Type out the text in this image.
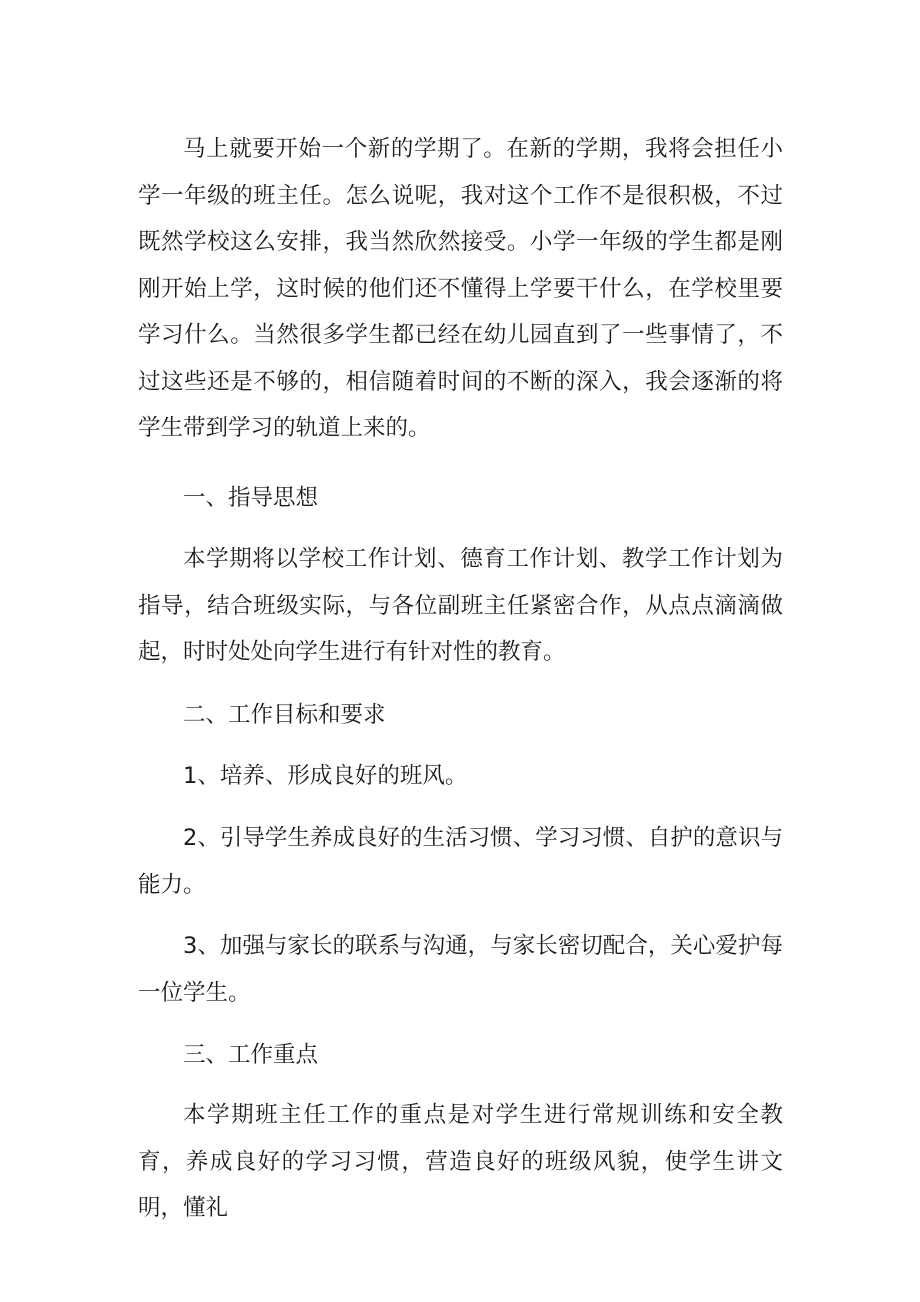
马上就要开始一个新的学期了。在新的学期，我将会担任小学一年级的班主任。怎么说呢，我对这个工作不是很积极，不过既然学校这么安排，我当然欣然接受。小学一年级的学生都是刚刚开始上学，这时候的他们还不懂得上学要干什么，在学校里要学习什么。当然很多学生都已经在幼儿园直到了一些事情了，不过这些还是不够的，相信随着时间的不断的深入，我会逐渐的将学生带到学习的轨道上来的。

一、指导思想

本学期将以学校工作计划、德育工作计划、教学工作计划为指导，结合班级实际，与各位副班主任紧密合作，从点点滴滴做起，时时处处向学生进行有针对性的教育。

二、工作目标和要求

1、培养、形成良好的班风。

2、引导学生养成良好的生活习惯、学习习惯、自护的意识与能力。

3、加强与家长的联系与沟通，与家长密切配合，关心爱护每一位学生。

三、工作重点

本学期班主任工作的重点是对学生进行常规训练和安全教育，养成良好的学习习惯，营造良好的班级风貌，使学生讲文明，懂礼
